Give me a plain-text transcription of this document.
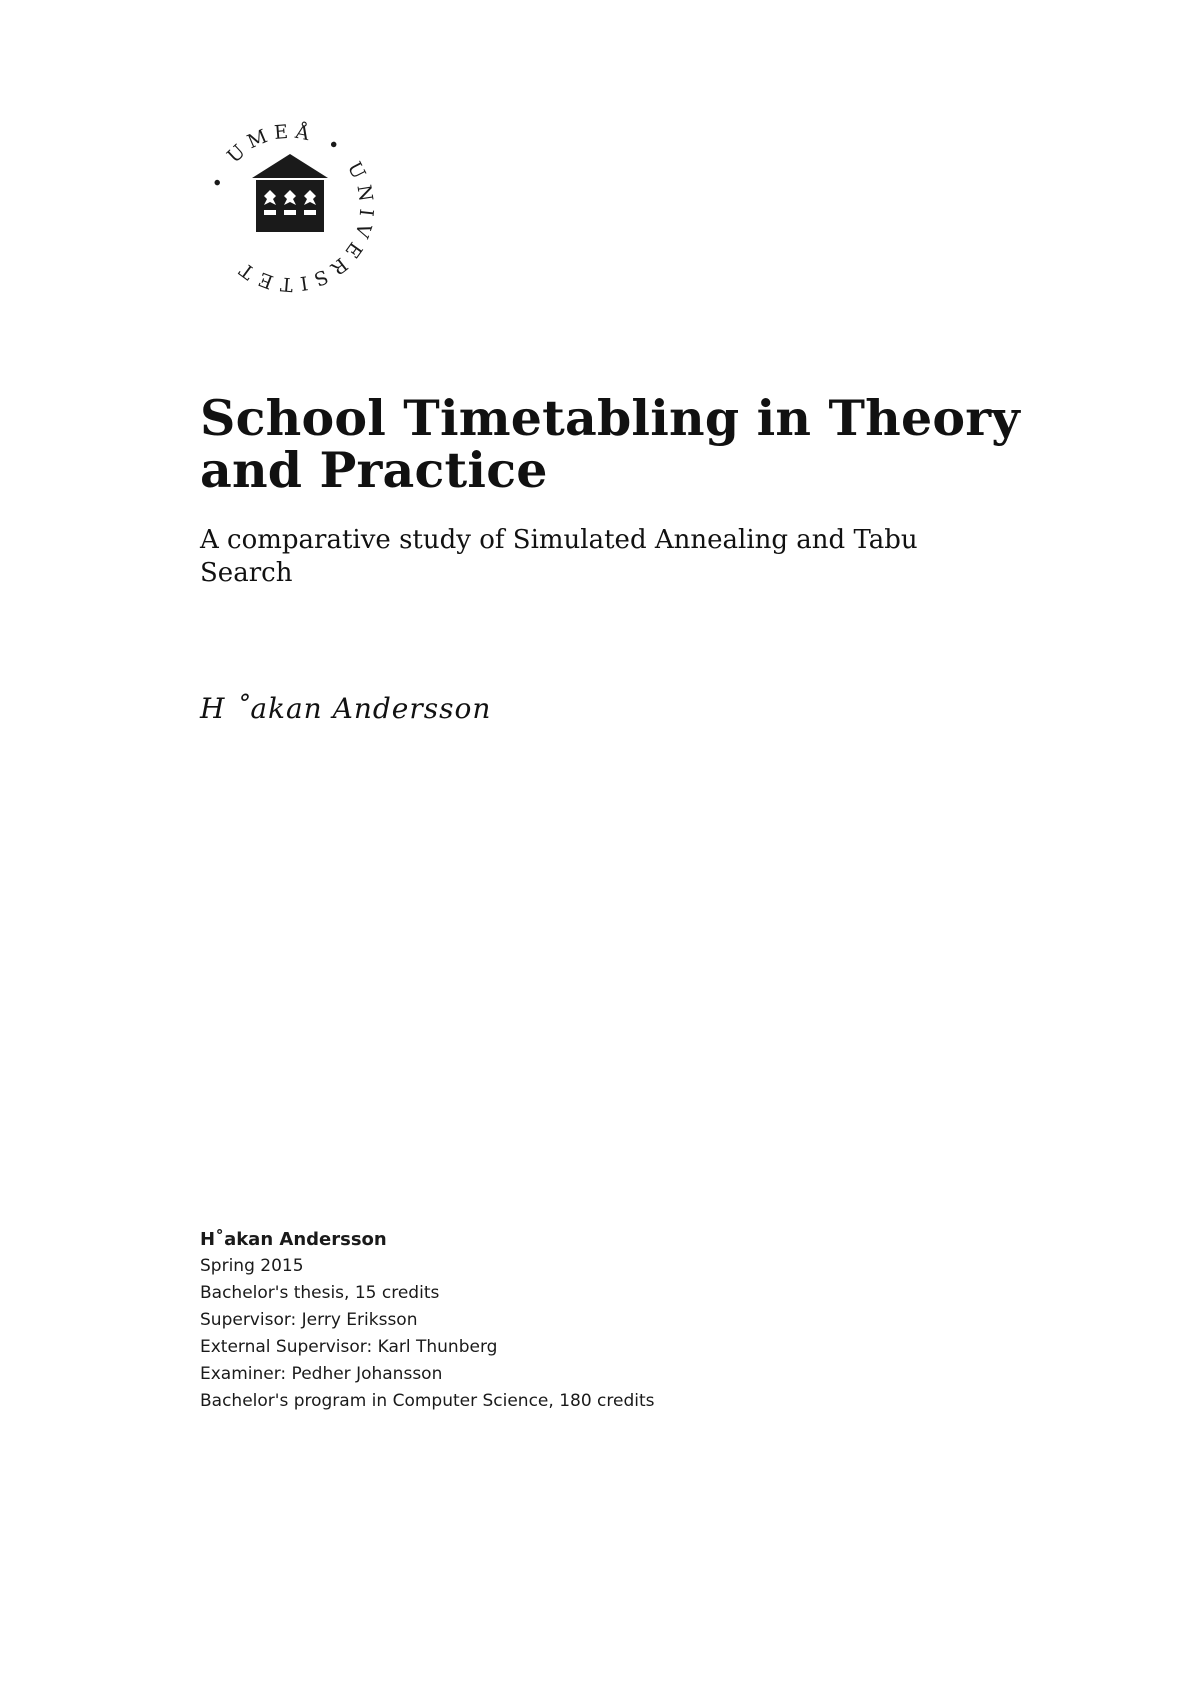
• UMEÅ • UNIVERSITET
School Timetabling in Theory and Practice

A comparative study of Simulated Annealing and Tabu Search

H ˚akan Andersson

H˚akan Andersson
Spring 2015
Bachelor's thesis, 15 credits
Supervisor: Jerry Eriksson
External Supervisor: Karl Thunberg
Examiner: Pedher Johansson
Bachelor's program in Computer Science, 180 credits
